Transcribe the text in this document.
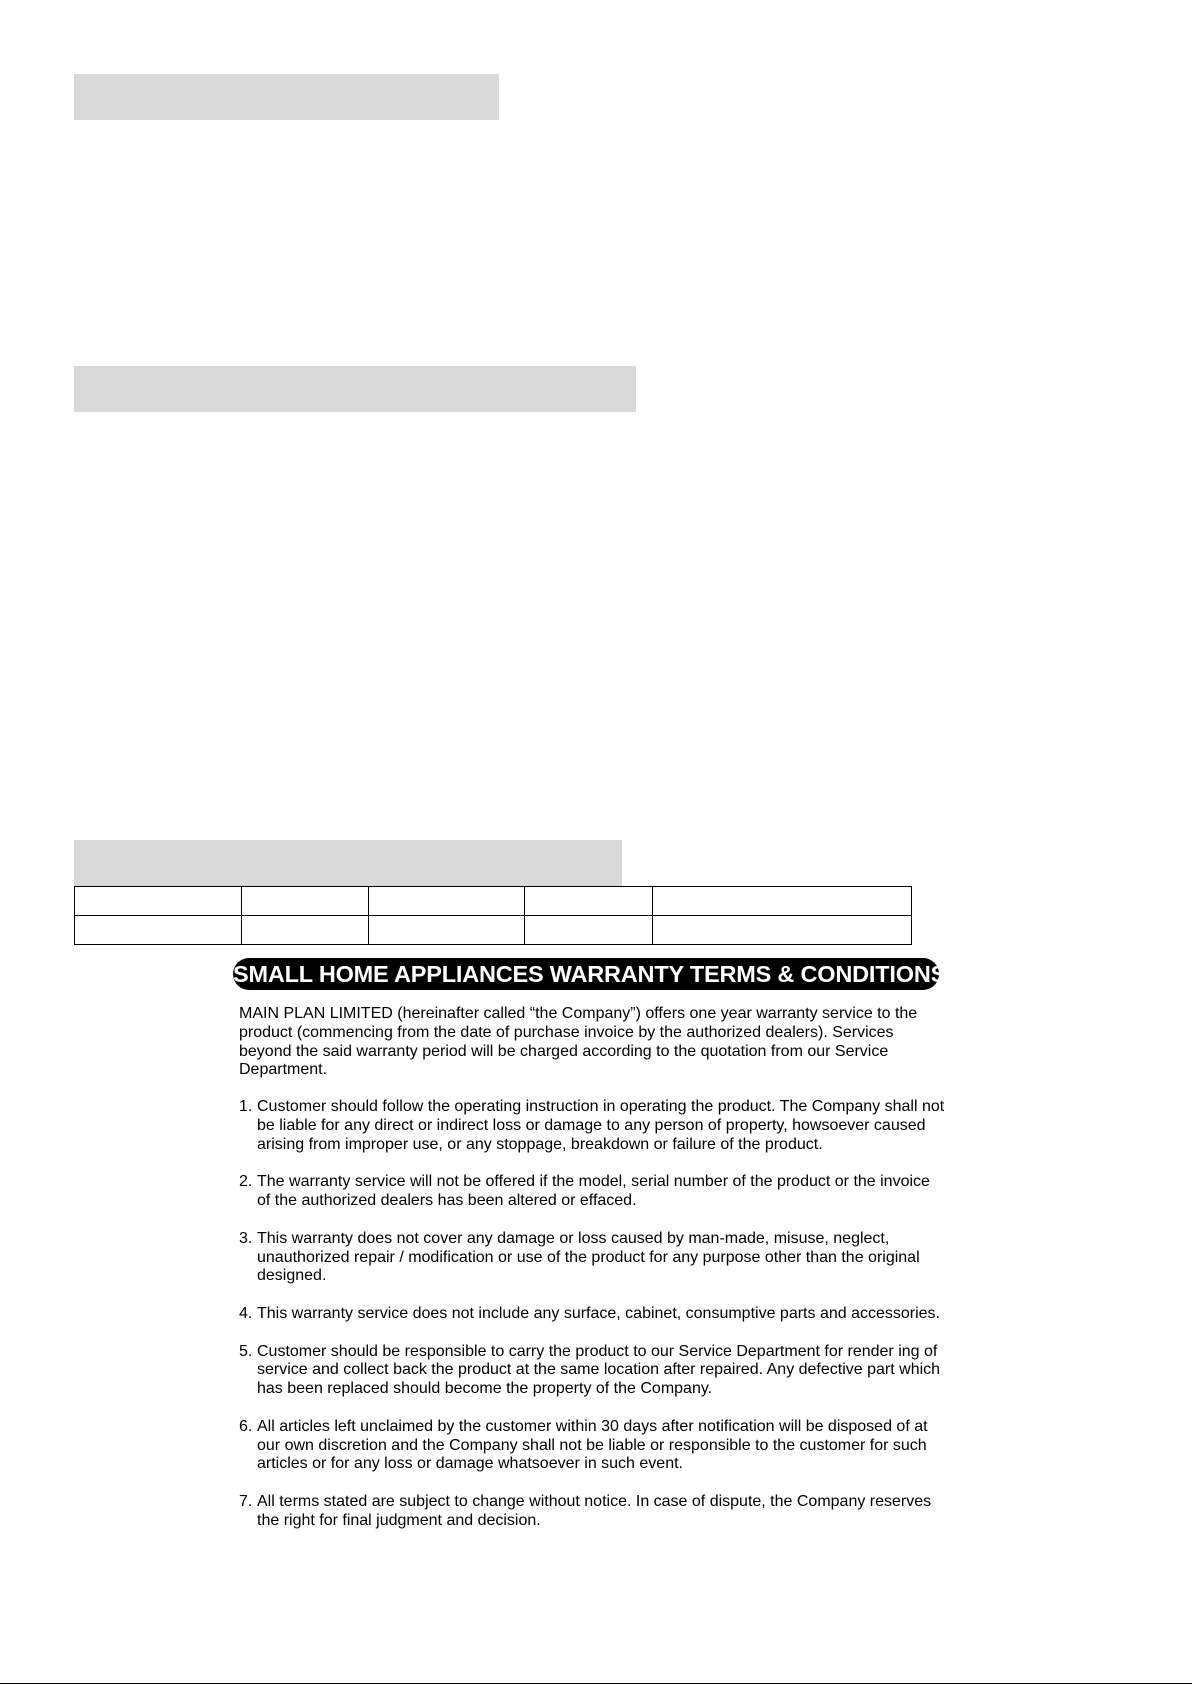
SMALL HOME APPLIANCES WARRANTY TERMS & CONDITIONS

MAIN PLAN LIMITED (hereinafter called “the Company”) offers one year warranty service to the product (commencing from the date of purchase invoice by the authorized dealers). Services beyond the said warranty period will be charged according to the quotation from our Service Department.

1. Customer should follow the operating instruction in operating the product. The Company shall not be liable for any direct or indirect loss or damage to any person of property, howsoever caused arising from improper use, or any stoppage, breakdown or failure of the product.
2. The warranty service will not be offered if the model, serial number of the product or the invoice of the authorized dealers has been altered or effaced.
3. This warranty does not cover any damage or loss caused by man-made, misuse, neglect, unauthorized repair / modification or use of the product for any purpose other than the original designed.
4. This warranty service does not include any surface, cabinet, consumptive parts and accessories.
5. Customer should be responsible to carry the product to our Service Department for render ing of service and collect back the product at the same location after repaired. Any defective part which has been replaced should become the property of the Company.
6. All articles left unclaimed by the customer within 30 days after notification will be disposed of at our own discretion and the Company shall not be liable or responsible to the customer for such articles or for any loss or damage whatsoever in such event.
7. All terms stated are subject to change without notice. In case of dispute, the Company reserves the right for final judgment and decision.
